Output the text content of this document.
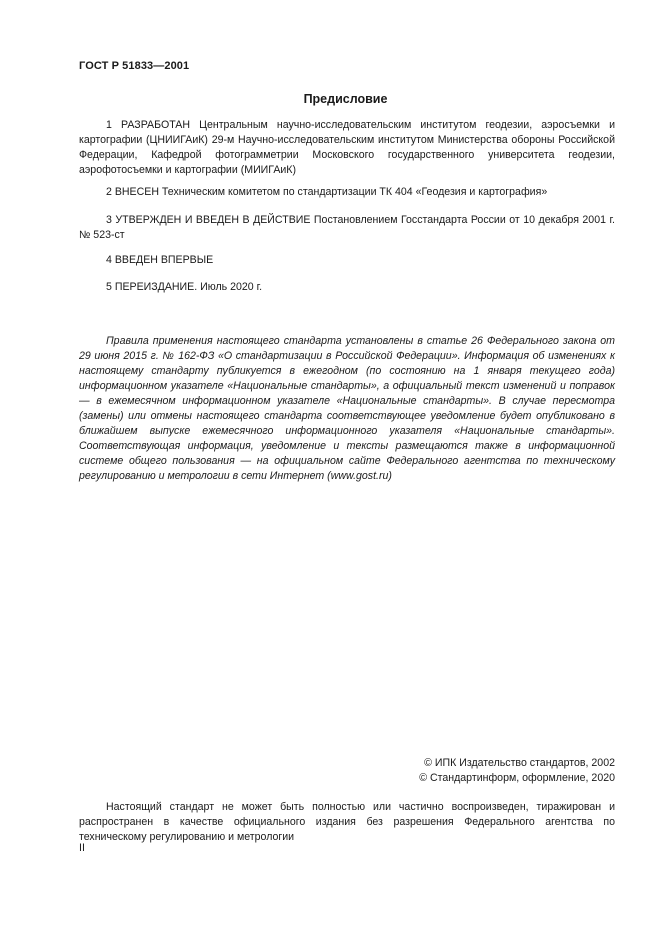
ГОСТ Р 51833—2001
Предисловие

1 РАЗРАБОТАН Центральным научно-исследовательским институтом геодезии, аэросъемки и картографии (ЦНИИГАиК) 29-м Научно-исследовательским институтом Министерства обороны Российской Федерации, Кафедрой фотограмметрии Московского государственного университета геодезии, аэрофотосъемки и картографии (МИИГАиК)

2 ВНЕСЕН Техническим комитетом по стандартизации ТК 404 «Геодезия и картография»

3 УТВЕРЖДЕН И ВВЕДЕН В ДЕЙСТВИЕ Постановлением Госстандарта России от 10 декабря 2001 г. № 523-ст

4 ВВЕДЕН ВПЕРВЫЕ

5 ПЕРЕИЗДАНИЕ. Июль 2020 г.

Правила применения настоящего стандарта установлены в статье 26 Федерального закона от 29 июня 2015 г. № 162-ФЗ «О стандартизации в Российской Федерации». Информация об изменениях к настоящему стандарту публикуется в ежегодном (по состоянию на 1 января текущего года) информационном указателе «Национальные стандарты», а официальный текст изменений и поправок — в ежемесячном информационном указателе «Национальные стандарты». В случае пересмотра (замены) или отмены настоящего стандарта соответствующее уведомление будет опубликовано в ближайшем выпуске ежемесячного информационного указателя «Национальные стандарты». Соответствующая информация, уведомление и тексты размещаются также в информационной системе общего пользования — на официальном сайте Федерального агентства по техническому регулированию и метрологии в сети Интернет (www.gost.ru)

© ИПК Издательство стандартов, 2002
© Стандартинформ, оформление, 2020

Настоящий стандарт не может быть полностью или частично воспроизведен, тиражирован и распространен в качестве официального издания без разрешения Федерального агентства по техническому регулированию и метрологии

II
